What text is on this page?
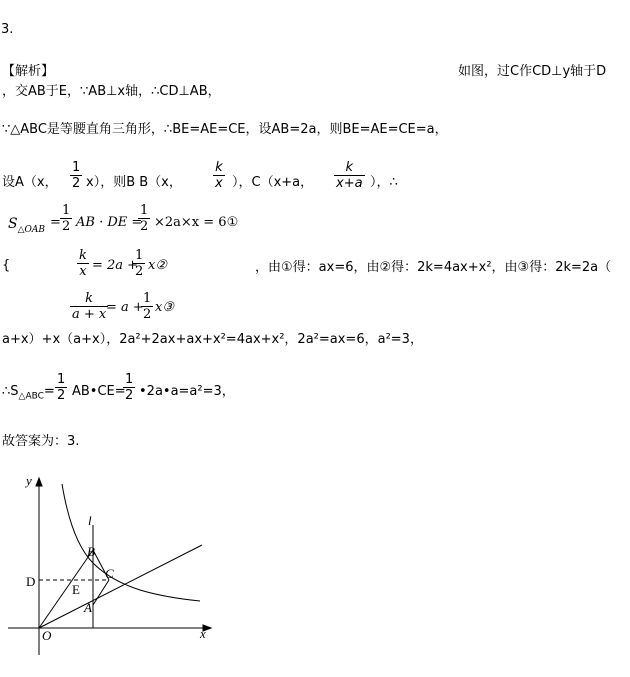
3.
【解析】	如图，过C作CD⊥y轴于D
，交AB于E，∵AB⊥x轴，∴CD⊥AB，
∵△ABC是等腰直角三角形，∴BE=AE=CE，设AB=2a，则BE=AE=CE=a，
设A（x，
1
2 x），则B B（x，
k
x ），C（x+a，
k
x+a ），∴
$S_{\triangle OAB}$ =
1
2 AB · DE =
1
2 ×2a×x = 6①
{
k
x = 2a +
1
2 x②	，由①得：ax=6，由②得：2k=4ax+x²，由③得：2k=2a（
k
a + x = a +
1
2 x③
a+x）+x（a+x），2a²+2ax+ax+x²=4ax+x²，2a²=ax=6，a²=3，
$\therefore S_{\triangle ABC}=$
1
2 AB•CE=
1
2 •2a•a=a²=3，
故答案为：3.
y
x
O
l
B
C
D
E
A
